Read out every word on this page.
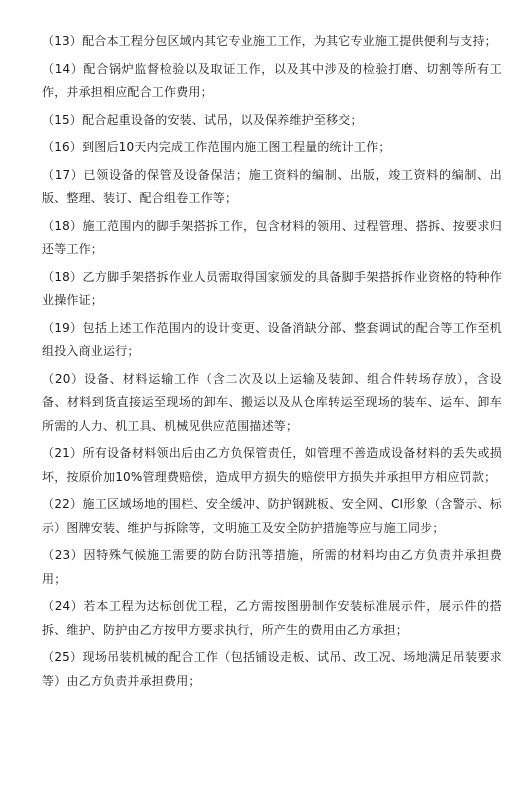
（13）配合本工程分包区域内其它专业施工工作，为其它专业施工提供便利与支持；

（14）配合锅炉监督检验以及取证工作，以及其中涉及的检验打磨、切割等所有工作，并承担相应配合工作费用；

（15）配合起重设备的安装、试吊，以及保养维护至移交；

（16）到图后10天内完成工作范围内施工图工程量的统计工作；

（17）已领设备的保管及设备保洁；施工资料的编制、出版，竣工资料的编制、出版、整理、装订、配合组卷工作等；

（18）施工范围内的脚手架搭拆工作，包含材料的领用、过程管理、搭拆、按要求归还等工作；

（18）乙方脚手架搭拆作业人员需取得国家颁发的具备脚手架搭拆作业资格的特种作业操作证；

（19）包括上述工作范围内的设计变更、设备消缺分部、整套调试的配合等工作至机组投入商业运行；

（20）设备、材料运输工作（含二次及以上运输及装卸、组合件转场存放），含设备、材料到货直接运至现场的卸车、搬运以及从仓库转运至现场的装车、运车、卸车所需的人力、机工具、机械见供应范围描述等；

（21）所有设备材料领出后由乙方负保管责任，如管理不善造成设备材料的丢失或损坏，按原价加10%管理费赔偿，造成甲方损失的赔偿甲方损失并承担甲方相应罚款；

（22）施工区域场地的围栏、安全缓冲、防护钢跳板、安全网、CI形象（含警示、标示）图牌安装、维护与拆除等，文明施工及安全防护措施等应与施工同步；

（23）因特殊气候施工需要的防台防汛等措施，所需的材料均由乙方负责并承担费用；

（24）若本工程为达标创优工程，乙方需按图册制作安装标准展示件，展示件的搭拆、维护、防护由乙方按甲方要求执行，所产生的费用由乙方承担；

（25）现场吊装机械的配合工作（包括铺设走板、试吊、改工况、场地满足吊装要求等）由乙方负责并承担费用；
